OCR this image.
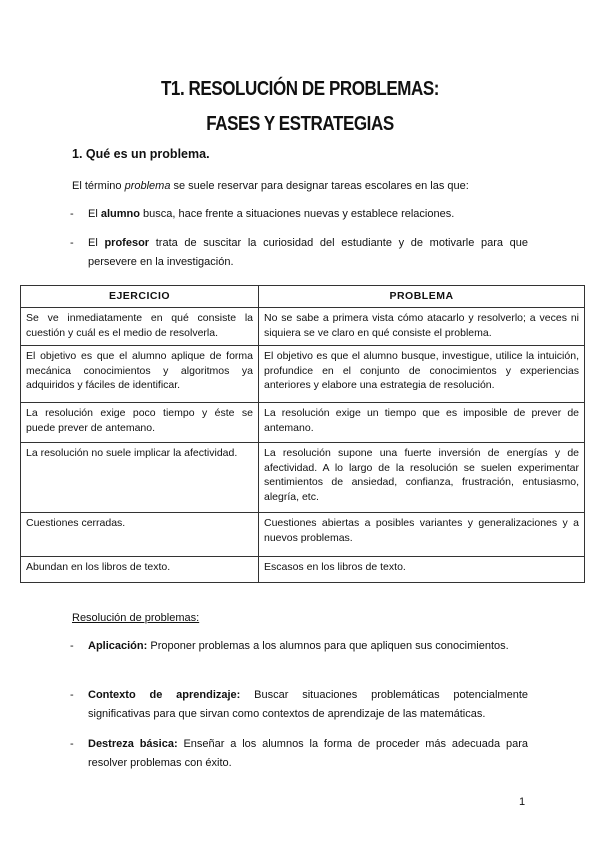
T1. RESOLUCIÓN DE PROBLEMAS:
FASES Y ESTRATEGIAS
1. Qué es un problema.
El término problema se suele reservar para designar tareas escolares en las que:
- El alumno busca, hace frente a situaciones nuevas y establece relaciones.
- El profesor trata de suscitar la curiosidad del estudiante y de motivarle para que persevere en la investigación.
EJERCICIO	PROBLEMA
Se ve inmediatamente en qué consiste la cuestión y cuál es el medio de resolverla.	No se sabe a primera vista cómo atacarlo y resolverlo; a veces ni siquiera se ve claro en qué consiste el problema.
El objetivo es que el alumno aplique de forma mecánica conocimientos y algoritmos ya adquiridos y fáciles de identificar.	El objetivo es que el alumno busque, investigue, utilice la intuición, profundice en el conjunto de conocimientos y experiencias anteriores y elabore una estrategia de resolución.
La resolución exige poco tiempo y éste se puede prever de antemano.	La resolución exige un tiempo que es imposible de prever de antemano.
La resolución no suele implicar la afectividad.	La resolución supone una fuerte inversión de energías y de afectividad. A lo largo de la resolución se suelen experimentar sentimientos de ansiedad, confianza, frustración, entusiasmo, alegría, etc.
Cuestiones cerradas.	Cuestiones abiertas a posibles variantes y generalizaciones y a nuevos problemas.
Abundan en los libros de texto.	Escasos en los libros de texto.
Resolución de problemas:
- Aplicación: Proponer problemas a los alumnos para que apliquen sus conocimientos.
- Contexto de aprendizaje: Buscar situaciones problemáticas potencialmente significativas para que sirvan como contextos de aprendizaje de las matemáticas.
- Destreza básica: Enseñar a los alumnos la forma de proceder más adecuada para resolver problemas con éxito.
1
